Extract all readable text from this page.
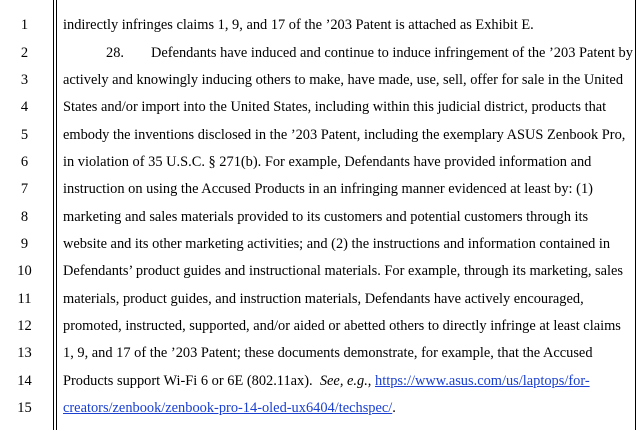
1
2
3
4
5
6
7
8
9
10
11
12
13
14
15
indirectly infringes claims 1, 9, and 17 of the ’203 Patent is attached as Exhibit E.
28. Defendants have induced and continue to induce infringement of the ’203 Patent by
actively and knowingly inducing others to make, have made, use, sell, offer for sale in the United
States and/or import into the United States, including within this judicial district, products that
embody the inventions disclosed in the ’203 Patent, including the exemplary ASUS Zenbook Pro,
in violation of 35 U.S.C. § 271(b). For example, Defendants have provided information and
instruction on using the Accused Products in an infringing manner evidenced at least by: (1)
marketing and sales materials provided to its customers and potential customers through its
website and its other marketing activities; and (2) the instructions and information contained in
Defendants’ product guides and instructional materials. For example, through its marketing, sales
materials, product guides, and instruction materials, Defendants have actively encouraged,
promoted, instructed, supported, and/or aided or abetted others to directly infringe at least claims
1, 9, and 17 of the ’203 Patent; these documents demonstrate, for example, that the Accused
Products support Wi-Fi 6 or 6E (802.11ax).  See, e.g., https://www.asus.com/us/laptops/for-
creators/zenbook/zenbook-pro-14-oled-ux6404/techspec/.
